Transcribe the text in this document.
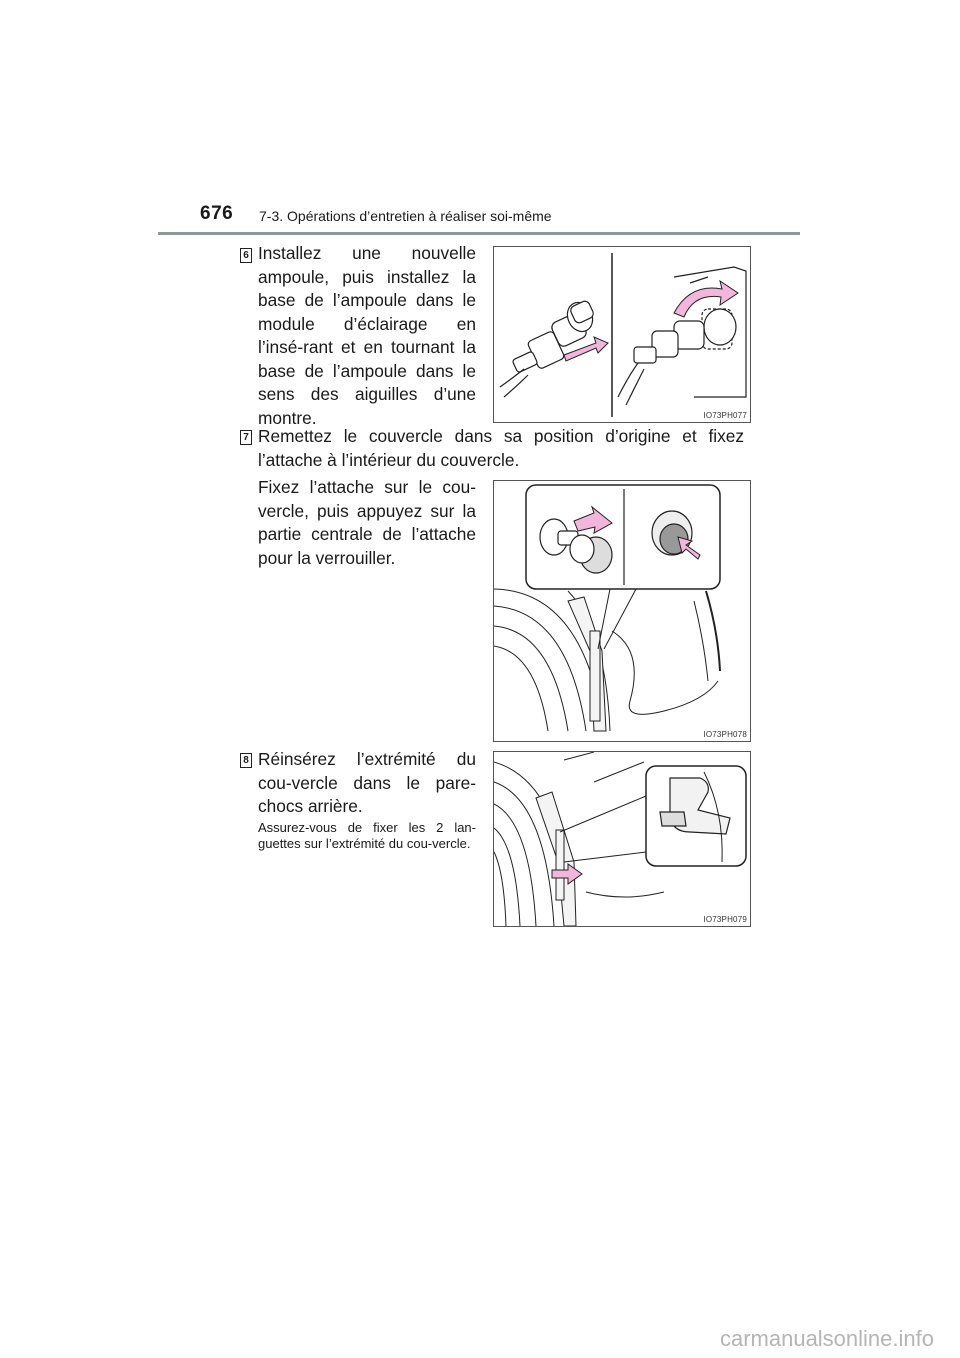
676 7-3. Opérations d’entretien à réaliser soi-même
6 Installez une nouvelle ampoule, puis installez la base de l’ampoule dans le module d’éclairage en l’insé-rant et en tournant la base de l’ampoule dans le sens des aiguilles d’une montre.	IO73PH077
7 Remettez le couvercle dans sa position d’origine et fixez l’attache à l’intérieur du couvercle.
Fixez l’attache sur le cou-vercle, puis appuyez sur la partie centrale de l’attache pour la verrouiller.
IO73PH078
8 Réinsérez l’extrémité du cou-vercle dans le pare-chocs arrière.
Assurez-vous de fixer les 2 lan-guettes sur l’extrémité du cou-vercle.
IO73PH079
carmanualsonline.info
